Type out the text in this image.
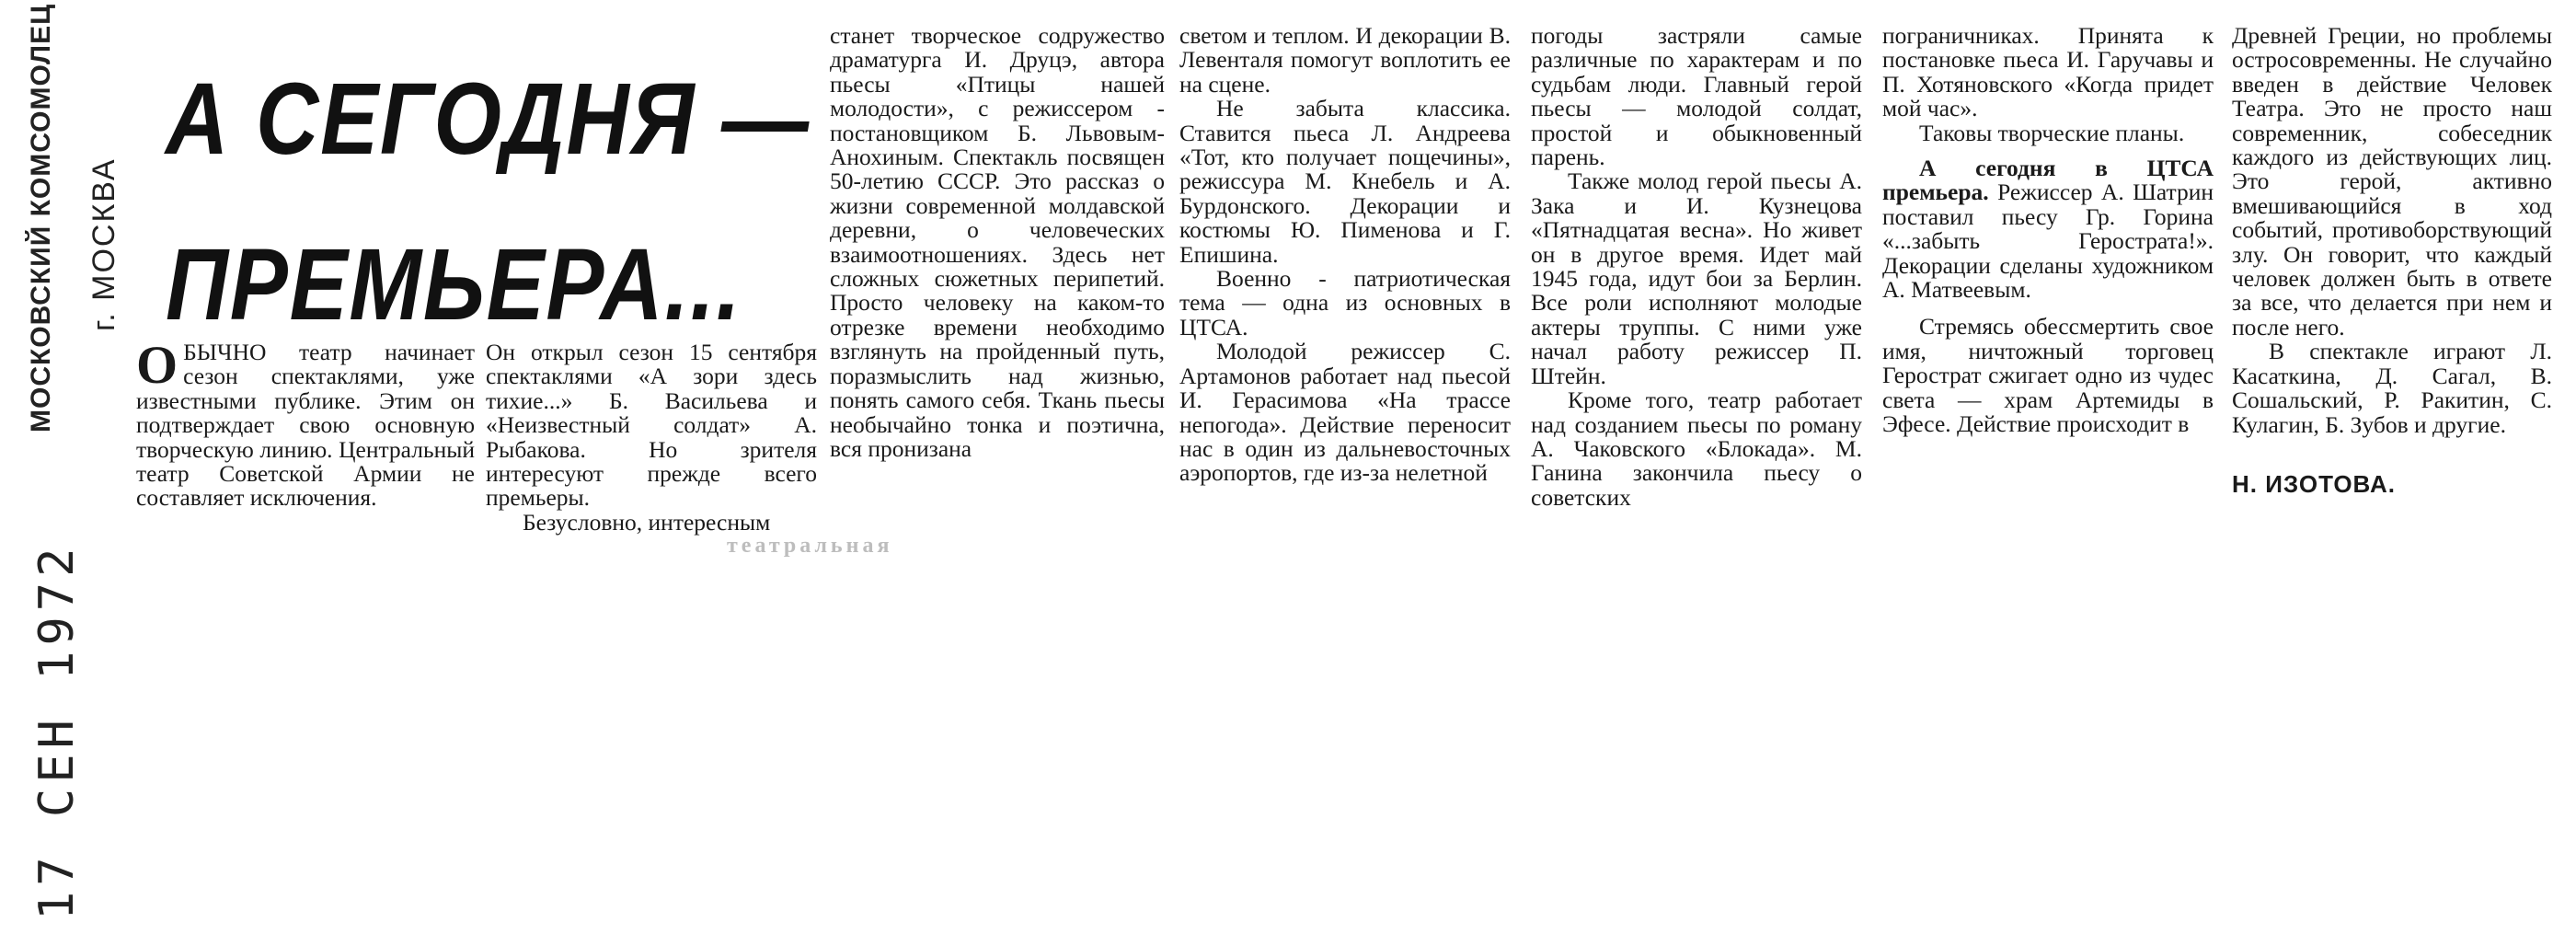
МОСКОВСКИЙ КОМСОМОЛЕЦ г. МОСКВА
17 СЕН 1972
А СЕГОДНЯ —
ПРЕМЬЕРА...
театральная

ОБЫЧНО театр начинает сезон спектаклями, уже известными публике. Этим он подтверждает свою основную творческую линию. Центральный театр Советской Армии не составляет исключения.

Он открыл сезон 15 сентября спектаклями «А зори здесь тихие...» Б. Васильева и «Неизвестный солдат» А. Рыбакова. Но зрителя интересуют прежде всего премьеры.

Безусловно, интересным

станет творческое содружество драматурга И. Друцэ, автора пьесы «Птицы нашей молодости», с режиссером - постановщиком Б. Львовым-Анохиным. Спектакль посвящен 50-летию СССР. Это рассказ о жизни современной молдавской деревни, о человеческих взаимоотношениях. Здесь нет сложных сюжетных перипетий. Просто человеку на каком-то отрезке времени необходимо взглянуть на пройденный путь, поразмыслить над жизнью, понять самого себя. Ткань пьесы необычайно тонка и поэтична, вся пронизана

светом и теплом. И декорации В. Левенталя помогут воплотить ее на сцене.

Не забыта классика. Ставится пьеса Л. Андреева «Тот, кто получает пощечины», режиссура М. Кнебель и А. Бурдонского. Декорации и костюмы Ю. Пименова и Г. Епишина.

Военно - патриотическая тема — одна из основных в ЦТСА.

Молодой режиссер С. Артамонов работает над пьесой И. Герасимова «На трассе непогода». Действие переносит нас в один из дальневосточных аэропортов, где из-за нелетной

погоды застряли самые различные по характерам и по судьбам люди. Главный герой пьесы — молодой солдат, простой и обыкновенный парень.

Также молод герой пьесы А. Зака и И. Кузнецова «Пятнадцатая весна». Но живет он в другое время. Идет май 1945 года, идут бои за Берлин. Все роли исполняют молодые актеры труппы. С ними уже начал работу режиссер П. Штейн.

Кроме того, театр работает над созданием пьесы по роману А. Чаковского «Блокада». М. Ганина закончила пьесу о советских

пограничниках. Принята к постановке пьеса И. Гаручавы и П. Хотяновского «Когда придет мой час».

Таковы творческие планы.

А сегодня в ЦТСА премьера. Режиссер А. Шатрин поставил пьесу Гр. Горина «...забыть Герострата!». Декорации сделаны художником А. Матвеевым.

Стремясь обессмертить свое имя, ничтожный торговец Герострат сжигает одно из чудес света — храм Артемиды в Эфесе. Действие происходит в

Древней Греции, но проблемы остросовременны. Не случайно введен в действие Человек Театра. Это не просто наш современник, собеседник каждого из действующих лиц. Это герой, активно вмешивающийся в ход событий, противоборствующий злу. Он говорит, что каждый человек должен быть в ответе за все, что делается при нем и после него.

В спектакле играют Л. Касаткина, Д. Сагал, В. Сошальский, Р. Ракитин, С. Кулагин, Б. Зубов и другие.

Н. ИЗОТОВА.
